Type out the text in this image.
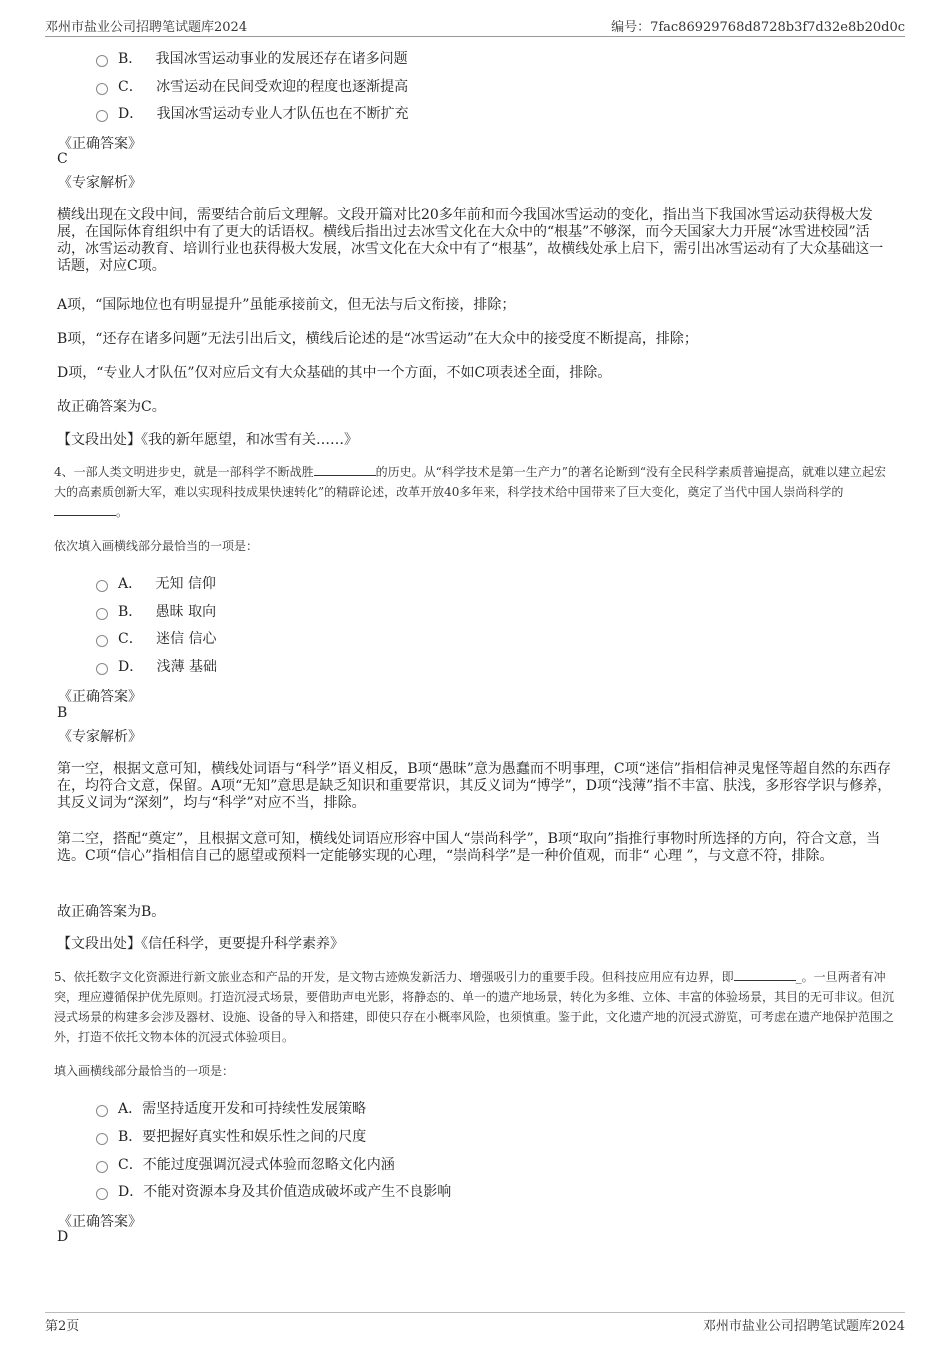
邓州市盐业公司招聘笔试题库2024	编号：7fac86929768d8728b3f7d32e8b20d0c
B． 我国冰雪运动事业的发展还存在诸多问题
C． 冰雪运动在民间受欢迎的程度也逐渐提高
D． 我国冰雪运动专业人才队伍也在不断扩充
《正确答案》
C
《专家解析》
横线出现在文段中间，需要结合前后文理解。文段开篇对比20多年前和而今我国冰雪运动的变化，指出当下我国冰雪运动获得极大发展，在国际体育组织中有了更大的话语权。横线后指出过去冰雪文化在大众中的“根基”不够深，而今天国家大力开展“冰雪进校园”活动，冰雪运动教育、培训行业也获得极大发展，冰雪文化在大众中有了“根基”，故横线处承上启下，需引出冰雪运动有了大众基础这一话题，对应C项。
A项，“国际地位也有明显提升”虽能承接前文，但无法与后文衔接，排除；
B项，“还存在诸多问题”无法引出后文，横线后论述的是“冰雪运动”在大众中的接受度不断提高，排除；
D项，“专业人才队伍”仅对应后文有大众基础的其中一个方面，不如C项表述全面，排除。
故正确答案为C。
【文段出处】《我的新年愿望，和冰雪有关……》
4、一部人类文明进步史，就是一部科学不断战胜	的历史。从“科学技术是第一生产力”的著名论断到“没有全民科学素质普遍提高，就难以建立起宏大的高素质创新大军，难以实现科技成果快速转化”的精辟论述，改革开放40多年来，科学技术给中国带来了巨大变化，奠定了当代中国人崇尚科学的。
依次填入画横线部分最恰当的一项是：
A． 无知 信仰
B． 愚昧 取向
C． 迷信 信心
D． 浅薄 基础
《正确答案》
B
《专家解析》
第一空，根据文意可知，横线处词语与“科学”语义相反，B项“愚昧”意为愚蠢而不明事理，C项“迷信”指相信神灵鬼怪等超自然的东西存在，均符合文意，保留。A项“无知”意思是缺乏知识和重要常识，其反义词为“博学”，D项“浅薄”指不丰富、肤浅，多形容学识与修养，其反义词为“深刻”，均与“科学”对应不当，排除。
第二空，搭配“奠定”，且根据文意可知，横线处词语应形容中国人“崇尚科学”，B项“取向”指推行事物时所选择的方向，符合文意，当选。C项“信心”指相信自己的愿望或预料一定能够实现的心理，“崇尚科学”是一种价值观，而非“ 心理 ”，与文意不符，排除。
故正确答案为B。
【文段出处】《信任科学，更要提升科学素养》
5、依托数字文化资源进行新文旅业态和产品的开发，是文物古迹焕发新活力、增强吸引力的重要手段。但科技应用应有边界，即	_。一旦两者有冲突，理应遵循保护优先原则。打造沉浸式场景，要借助声电光影，将静态的、单一的遗产地场景，转化为多维、立体、丰富的体验场景，其目的无可非议。但沉浸式场景的构建多会涉及器材、设施、设备的导入和搭建，即使只存在小概率风险，也须慎重。鉴于此，文化遗产地的沉浸式游览，可考虑在遗产地保护范围之外，打造不依托文物本体的沉浸式体验项目。
填入画横线部分最恰当的一项是：
A．需坚持适度开发和可持续性发展策略
B．要把握好真实性和娱乐性之间的尺度
C．不能过度强调沉浸式体验而忽略文化内涵
D．不能对资源本身及其价值造成破坏或产生不良影响
《正确答案》
D
第2页	邓州市盐业公司招聘笔试题库2024
